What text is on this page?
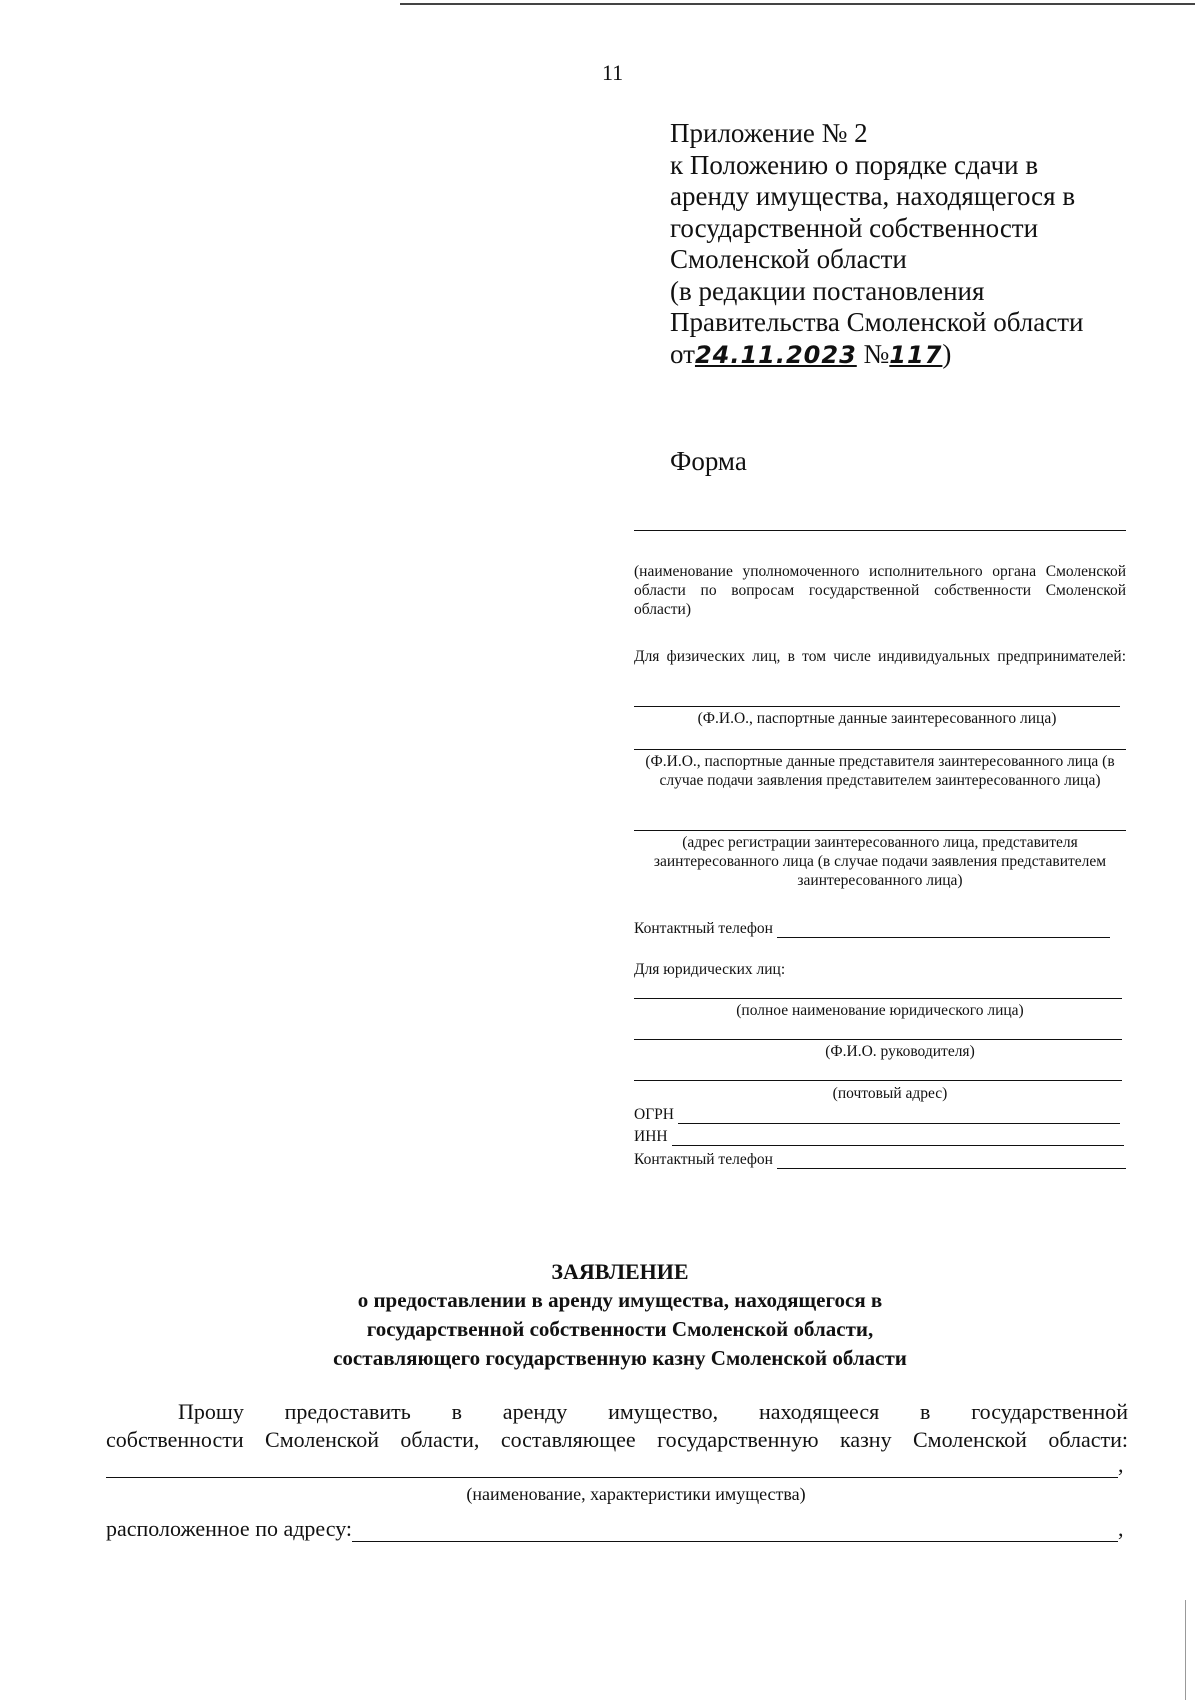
11
Приложение № 2
к Положению о порядке сдачи в
аренду имущества, находящегося в
государственной собственности
Смоленской области
(в редакции постановления
Правительства Смоленской области
от24.11.2023 №117)
Форма
(наименование уполномоченного исполнительного органа Смоленской области по вопросам государственной собственности Смоленской области)
Для физических лиц, в том числе индивидуальных предпринимателей:
(Ф.И.О., паспортные данные заинтересованного лица)
(Ф.И.О., паспортные данные представителя заинтересованного лица (в случае подачи заявления представителем заинтересованного лица)
(адрес регистрации заинтересованного лица, представителя заинтересованного лица (в случае подачи заявления представителем заинтересованного лица)
Контактный телефон
Для юридических лиц:
(полное наименование юридического лица)
(Ф.И.О. руководителя)
(почтовый адрес)
ОГРН
ИНН
Контактный телефон
ЗАЯВЛЕНИЕ
о предоставлении в аренду имущества, находящегося в
государственной собственности Смоленской области,
составляющего государственную казну Смоленской области
Прошу предоставить в аренду имущество, находящееся в государственной
собственности Смоленской области, составляющее государственную казну Смоленской области:
,
(наименование, характеристики имущества)
расположенное по адресу:	,
